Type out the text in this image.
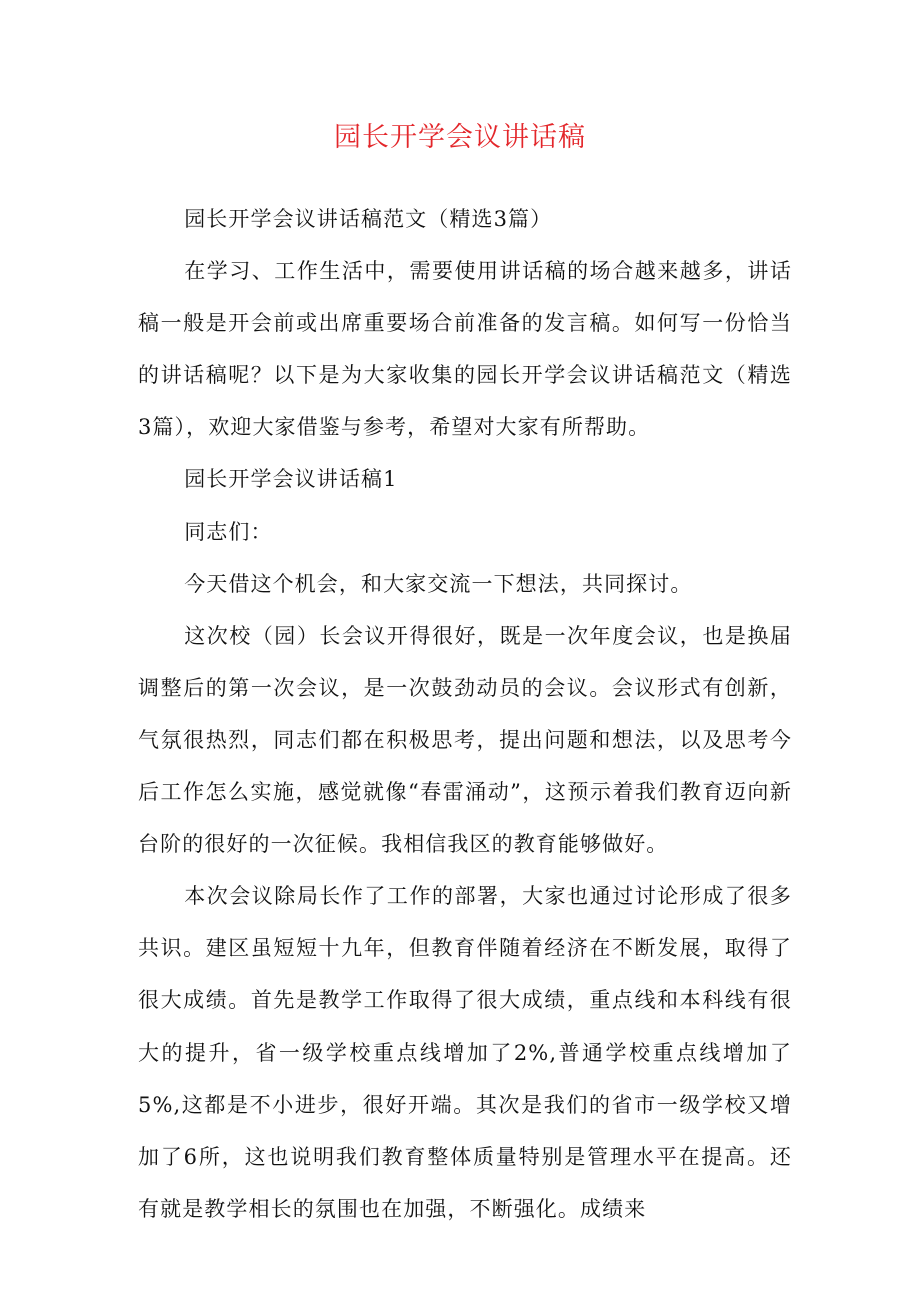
园长开学会议讲话稿

园长开学会议讲话稿范文（精选3篇）

在学习、工作生活中，需要使用讲话稿的场合越来越多，讲话稿一般是开会前或出席重要场合前准备的发言稿。如何写一份恰当的讲话稿呢？以下是为大家收集的园长开学会议讲话稿范文（精选3篇），欢迎大家借鉴与参考，希望对大家有所帮助。

园长开学会议讲话稿1

同志们：

今天借这个机会，和大家交流一下想法，共同探讨。

这次校（园）长会议开得很好，既是一次年度会议，也是换届调整后的第一次会议，是一次鼓劲动员的会议。会议形式有创新，气氛很热烈，同志们都在积极思考，提出问题和想法，以及思考今后工作怎么实施，感觉就像“春雷涌动”，这预示着我们教育迈向新台阶的很好的一次征候。我相信我区的教育能够做好。

本次会议除局长作了工作的部署，大家也通过讨论形成了很多共识。建区虽短短十九年，但教育伴随着经济在不断发展，取得了很大成绩。首先是教学工作取得了很大成绩，重点线和本科线有很大的提升，省一级学校重点线增加了2%,普通学校重点线增加了5%,这都是不小进步，很好开端。其次是我们的省市一级学校又增加了6所，这也说明我们教育整体质量特别是管理水平在提高。还有就是教学相长的氛围也在加强，不断强化。成绩来
